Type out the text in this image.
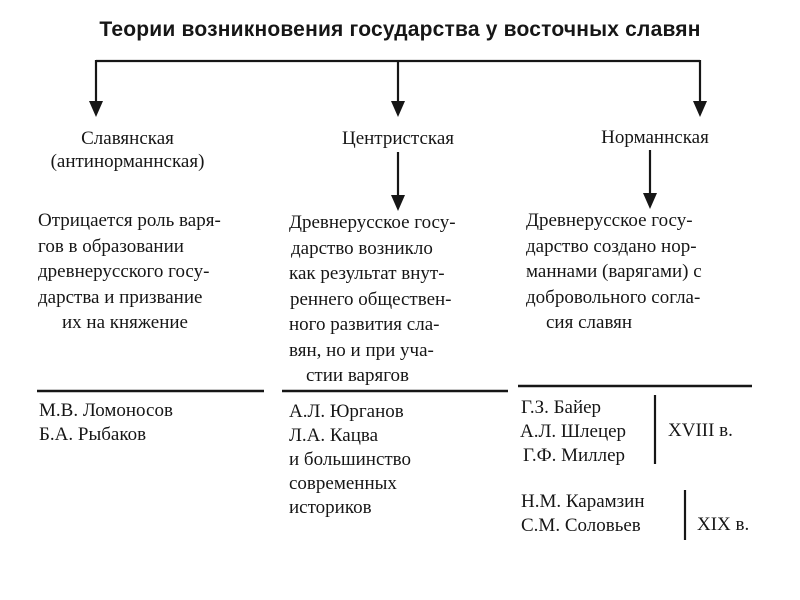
Теории возникновения государства у восточных славян
Славянская
(антинорманнская)
Отрицается роль варя-
гов в образовании
древнерусского госу-
дарства и призвание
их на княжение
М.В. Ломоносов
Б.А. Рыбаков
Центристская
Древнерусское госу-
дарство возникло
как результат внут-
реннего обществен-
ного развития сла-
вян, но и при уча-
стии варягов
А.Л. Юрганов
Л.А. Кацва
и большинство
современных
историков
Норманнская
Древнерусское госу-
дарство создано нор-
маннами (варягами) с
добровольного согла-
сия славян
Г.З. Байер
А.Л. Шлецер
Г.Ф. Миллер
XVIII в.
Н.М. Карамзин
С.М. Соловьев	XIX в.
